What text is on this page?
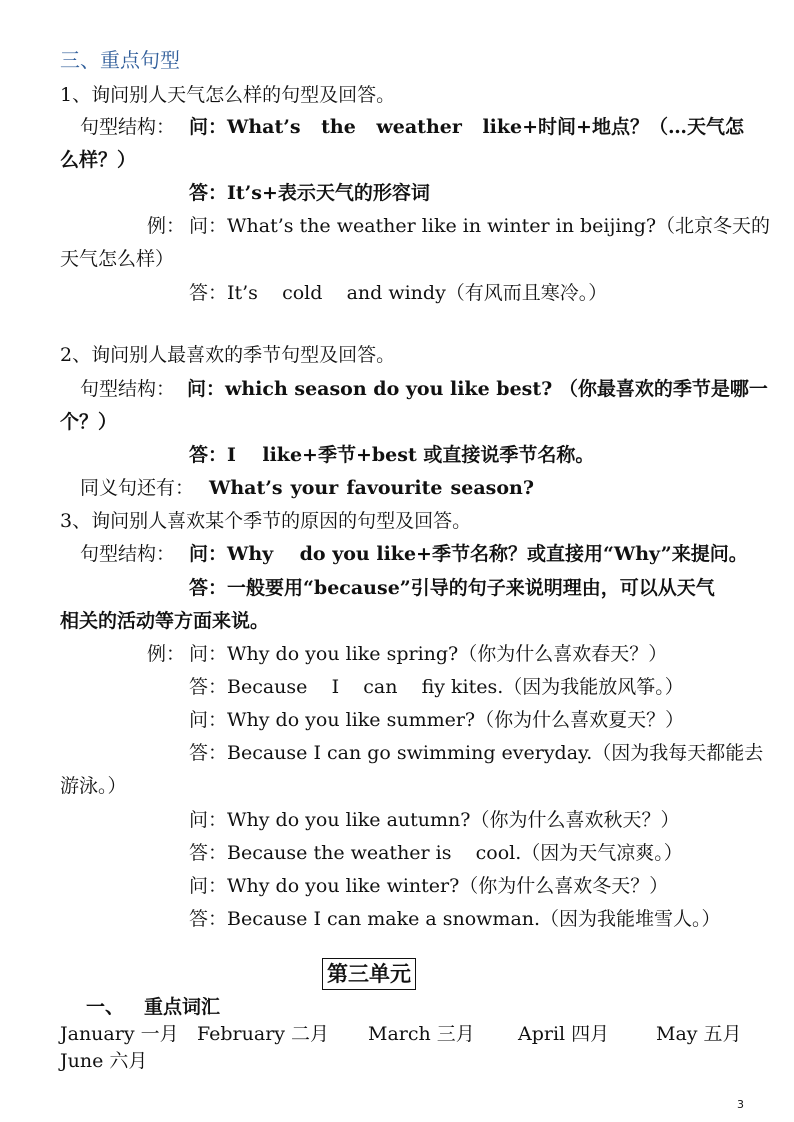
三、重点句型
1、询问别人天气怎么样的句型及回答。
句型结构： 问：What’s the weather like+时间+地点？（…天气怎
么样？）
答：It’s+表示天气的形容词
例： 问：What’s the weather like in winter in beijing?（北京冬天的
天气怎么样）
答：It’s    cold    and windy（有风而且寒冷。）
2、询问别人最喜欢的季节句型及回答。
句型结构： 问：which season do you like best? （你最喜欢的季节是哪一
个？）
答：I    like+季节+best 或直接说季节名称。
同义句还有： What’s your favourite season?
3、询问别人喜欢某个季节的原因的句型及回答。
句型结构： 问：Why    do you like+季节名称？或直接用“Why”来提问。
答：一般要用“because”引导的句子来说明理由，可以从天气
相关的活动等方面来说。
例： 问：Why do you like spring?（你为什么喜欢春天？）
答：Because    I    can    fiy kites.（因为我能放风筝。）
问：Why do you like summer?（你为什么喜欢夏天？）
答：Because I can go swimming everyday.（因为我每天都能去
游泳。）
问：Why do you like autumn?（你为什么喜欢秋天？）
答：Because the weather is    cool.（因为天气凉爽。）
问：Why do you like winter?（你为什么喜欢冬天？）
答：Because I can make a snowman.（因为我能堆雪人。）
第三单元
一、 重点词汇
January 一月 February 二月 March 三月 April 四月 May 五月
June 六月
3
